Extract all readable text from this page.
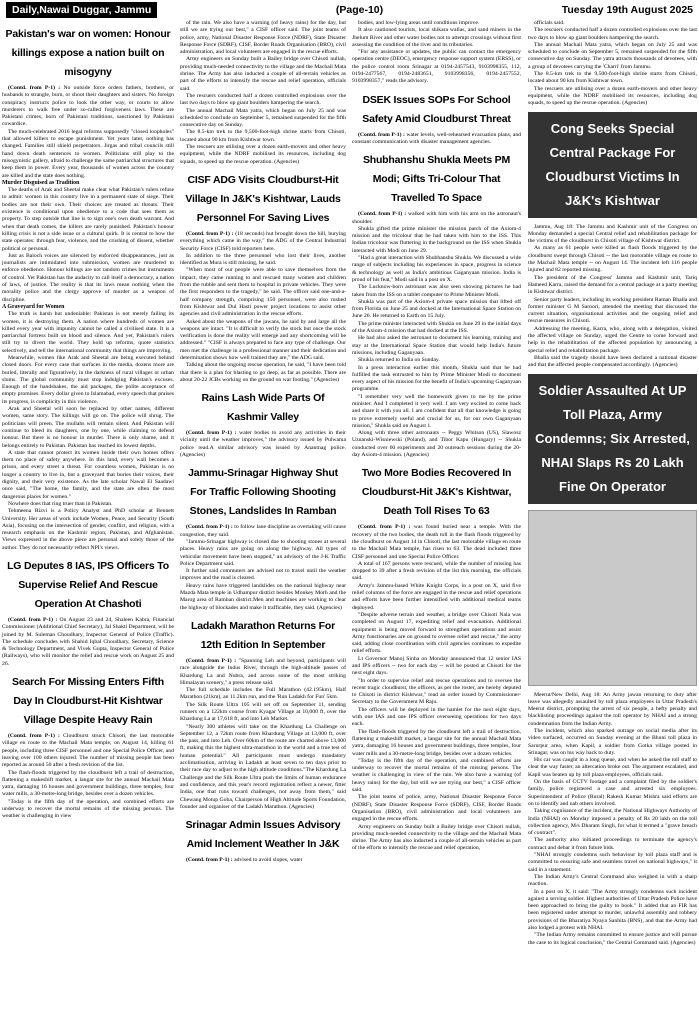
Daily,Nawai Duggar, Jammu	(Page-10)	Tuesday 19th August 2025
Pakistan's war on women: Honour killings expose a nation built on misogyny

(Contd. from P-1) : No outside force orders fathers, brothers, or husbands to strangle, burn, or shoot their daughters and sisters. No foreign conspiracy instructs police to look the other way, or courts to allow murderers to walk free under so-called forgiveness laws. These are Pakistani crimes, born of Pakistani traditions, sanctioned by Pakistani cowardice.

The much-celebrated 2016 legal reforms supposedly "closed loopholes" that allowed killers to escape punishment. Yet years later, nothing has changed. Families still shield perpetrators. Jirgas and tribal councils still hand down death sentences to women. Politicians still play to the misogynistic gallery, afraid to challenge the same patriarchal structures that keep them in power. Every year, thousands of women across the country are killed and the state does nothing.

Murder Disguised as Tradition

The deaths of Arak and Sheetal make clear what Pakistan's rulers refuse to admit: women in this country live in a permanent state of siege. Their bodies are not their own. Their choices are treated as threats. Their existence is conditional upon obedience to a code that sees them as property. To step outside that line is to sign one's own death warrant. And when that death comes, the killers are rarely punished. Pakistan's honour killing crisis is not a side issue or a cultural quirk. It is central to how the state operates: through fear, violence, and the crushing of dissent, whether political or personal.

Just as Baloch voices are silenced by enforced disappearances, just as journalists are intimidated into submission, women are murdered to enforce obedience. Honour killings are not random crimes but instruments of control. Yet Pakistan has the audacity to call itself a democracy, a nation of laws, of justice. The reality is that its laws mean nothing when the morality police and the clergy approve of murder as a weapon of discipline.

A Graveyard for Women

The truth is harsh but undeniable: Pakistan is not merely failing its women, it is destroying them. A nation where hundreds of women are killed every year with impunity cannot be called a civilised state. It is a patriarchal fortress built on blood and silence. And yet, Pakistan's rulers still try to divert the world. They hold up reforms, quote statistics selectively, and tell the international community that things are improving.

Meanwhile, women like Arak and Sheetal are being executed behind closed doors. For every case that surfaces in the media, dozens more are buried, literally and figuratively, in the darkness of rural villages or urban slums. The global community must stop indulging Pakistan's excuses. Enough of the handshakes, the aid packages, the polite acceptance of empty promises. Every dollar given to Islamabad, every speech that praises its progress, is complicity in this violence.

Arak and Sheetal will soon be replaced by other names, different women, same story. The killings will go on. The police will shrug. The politicians will preen. The mullahs will remain silent. And Pakistan will continue to bleed its daughters, one by one, while claiming to defend honour. But there is no honour in murder. There is only shame, and it belongs entirely to Pakistan. Pakistan has reached its lowest depths.

A state that cannot protect its women inside their own homes offers them no place of safety anywhere. In this land, every wall becomes a prison, and every street a threat. For countless women, Pakistan is no longer a country to live in, but a graveyard that buries their voices, their dignity, and their very existence. As the late scholar Nawal El Saadawi once said, "The home, the family, and the state are often the most dangerous places for women."

Nowhere does that ring truer than in Pakistan.

Tehmeena Rizvi is a Policy Analyst and PhD scholar at Bennett University. Her areas of work include Women, Peace, and Security (South Asia), focusing on the intersection of gender, conflict, and religion, with a research emphasis on the Kashmir region, Pakistan, and Afghanistan. Views expressed in the above piece are personal and solely those of the author. They do not necessarily reflect NPI's views.

LG Deputes 8 IAS, IPS Officers To Supervise Relief And Rescue Operation At Chashoti

(Contd. from P-1) : On August 23 and 24, Shaleen Kabra, Financial Commissioner (Additional Chief Secretary), Jal Shakti Department, will be joined by M. Suleman Choudhary, Inspector General of Police (Traffic). The schedule concludes with Shahid Iqbal Choudhary, Secretary, Science & Technology Department, and Vivek Gupta, Inspector General of Police (Railways), who will monitor the relief and rescue work on August 25 and 26.

Search For Missing Enters Fifth Day In Cloudburst-Hit Kishtwar Village Despite Heavy Rain

(Contd. from P-1) : Cloudburst struck Chisoti, the last motorable village en route to the Machail Mata temple, on August 14, killing 61 people, including three CISF personnel and one Special Police Officer, and leaving over 100 others injured. The number of missing people has been reported as around 50 after a fresh revision of the list.

The flash-floods triggered by the cloudburst left a trail of destruction, flattening a makeshift market, a langar site for the annual Machail Mata yatra, damaging 16 houses and government buildings, three temples, four water mills, a 30-metre-long bridge, besides over a dozen vehicles.

"Today is the fifth day of the operation, and combined efforts are underway to recover the mortal remains of the missing persons. The weather is challenging in view

of the rain. We also have a warning (of heavy rains) for the day, but still we are trying our best," a CISF officer said. The joint teams of police, army, National Disaster Response Force (NDRF), State Disaster Response Force (SDRF), CISF, Border Roads Organisation (BRO), civil administration, and local volunteers are engaged in the rescue efforts.

Army engineers on Sunday built a Bailey bridge over Chisoti nullah, providing much-needed connectivity to the village and the Machail Mata shrine. The Army has also inducted a couple of all-terrain vehicles as part of the efforts to intensify the rescue and relief operation, officials said.

The rescuers conducted half a dozen controlled explosions over the last two days to blow up giant boulders hampering the search.

The annual Machail Mata yatra, which began on July 25 and was scheduled to conclude on September 5, remained suspended for the fifth consecutive day on Sunday.

The 8.5-km trek to the 9,500-foot-high shrine starts from Chisoti, located about 90 km from Kishtwar town.

The rescuers are utilising over a dozen earth-movers and other heavy equipment, while the NDRF mobilised its resources, including dog squads, to speed up the rescue operation. (Agencies)

CISF ADG Visits Cloudburst-Hit Village In J&K's Kishtwar, Lauds Personnel For Saving Lives

(Contd. from P-1) : (18 seconds) hut brought down the hill, burying everything which came in the way," the ADG of the Central Industrial Security Force (CISF) told reporters here.

In addition to the three personnel who lost their lives, another identified as Mura is still missing, he said.

"When most of our people were able to save themselves from the impact, they came running to and rescued many women and children from the rubble and sent them to hospital in private vehicles. They were the first responders to the tragedy," he said. The officer said one-and-a-half company strength, comprising 150 personnel, were also rushed from Kishtwar and Dul Hasti power project locations to assist other agencies and civil administration in the rescue efforts.

Asked about the weapons of the jawans, he said by and large all the weapons are intact. "It is difficult to verify the stock but once the stock verification is done the reality will emerge and any shortcoming will be addressed." "CISF is always prepared to face any type of challenge. Our men met the challenge in a professional manner and their dedication and determination shows how well trained they are," the ADG said.

Talking about the ongoing rescue operation, he said, "I have been told that there is a plan for blasting to go deep, as far as possible. There are about 20-22 JCBs working on the ground on war footing." (Agencies)

Rains Lash Wide Parts Of Kashmir Valley

(Contd. from P-1) : water bodies to avoid any activities in their vicinity until the weather improves," the advisory issued by Pulwama police read.A similar advisory was issued by Anantnag police. (Agencies)

Jammu-Srinagar Highway Shut For Traffic Following Shooting Stones, Landslides In Ramban

(Contd. from P-1) : to follow lane discipline as overtaking will cause congestion, they said.

"Jammu-Srinagar highway is closed due to shooting stones at several places. Heavy rains are going on along the highway. All types of vehicular movement have been stopped," an advisory of the J-K Traffic Police Department said.

It further said commuters are advised not to travel until the weather improves and the road is cleared.

Heavy rains have triggered landslides on the national highway near Mazda Mata temple in Udhampur district besides Monkey Morh and the Marog area of Ramban district.Men and machines are working to clear the highway of blockades and make it trafficable, they said. (Agencies)

Ladakh Marathon Returns For 12th Edition In September

(Contd. from P-1) : "Spanning Leh and beyond, participants will race alongside the Indus River, through the high-altitude passes of Khardung La and Nubra, and across some of the most striking Himalayan scenery," a press release said.

The full schedule includes the Full Marathon (42.195km), Half Marathon (21km), an 11.2km run, and the 'Run Ladakh for Fun' 5km.

The Silk Route Ultra 105 will set off on September 11, sending runners on a 122km course from Kyagar Village at 10,000 ft, over the Khardung La at 17,618 ft, and into Leh Market.

"Nearly 300 athletes will take on the Khardung La Challenge on September 12, a 72km route from Khardung Village at 13,000 ft, over the pass, and into Leh. Over 60km of the route are charted above 13,000 ft, making this the highest ultra-marathon in the world and a true test of human potential." All participants must undergo mandatory acclimatisation, arriving in Ladakh at least seven to ten days prior to their race day to adjust to the high altitude conditions."The Khardung La Challenge and the Silk Route Ultra push the limits of human endurance and confidence, and this year's record registration reflect a newer, fitter India, one that runs toward challenges, not away from them," said Chewang Motup Goba, Chairperson of High Altitude Sports Foundation, founder and organiser of the Ladakh Marathon. (Agencies)

Srinagar Admin Issues Advisory Amid Inclement Weather In J&K

(Contd. from P-1) : advised to avoid slopes, water

bodies, and low-lying areas until conditions improve.

It also cautioned tourists, local shikara wallas, and sand miners in the Jhelum River and other water bodies not to attempt crossings without first assessing the condition of the river and its tributaries.

"For any assistance or updates, the public can contact the emergency operation centre (DEOC), emergency response support system (ERSS), or the police control room Srinagar at 0194-2457543, 9103998355, 112, 0194-2477567, 0194-2483651, 9103998356, 0194-2457552, 9103998357," reads the advisory.

DSEK Issues SOPs For School Safety Amid Cloudburst Threat

(Contd. from P-1) : water levels, well-rehearsed evacuation plans, and constant communication with disaster management agencies.

Shubhanshu Shukla Meets PM Modi; Gifts Tri-Colour That Travelled To Space

(Contd. from P-1) : walked with him with his arm on the astronaut's shoulder.

Shukla gifted the prime minister the mission patch of the Axiom-4 mission and the tricolour that he had taken with him to the ISS. This Indian tricolour was fluttering in the background on the ISS when Shukla interacted with Modi on June 29.

"Had a great interaction with Shubhanshu Shukla. We discussed a wide range of subjects including his experiences in space, progress in science & technology as well as India's ambitious Gaganyaan mission. India is proud of his feat," Modi said in a post on X.

The Lucknow-born astronaut was also seen showing pictures he had taken from the ISS on a tablet computer to Prime Minister Modi.

Shukla was part of the Axiom-4 private space mission that lifted off from Florida on June 25 and docked at the International Space Station on June 26. He returned to Earth on 15 July.

The prime minister interacted with Shukla on June 29 in the initial days of the Axiom-4 mission that had docked at the ISS.

He had also asked the astronaut to document his learning, training and stay at the International Space Station that would help India's future missions, including Gaganyaan.

Shukla returned to India on Sunday.

In a press interaction earlier this month, Shukla said that he had fulfilled the task entrusted to him by Prime Minister Modi to document every aspect of his mission for the benefit of India's upcoming Gaganyaan programme.

"I remember very well the homework given to me by the prime minister. And I completed it very well. I am very excited to come back and share it with you all. I am confident that all that knowledge is going to prove extremely useful and crucial for us, for our own Gaganyaan mission," Shukla said on August 1.

Along with three other astronauts -- Peggy Whitson (US), Slawosz Uznanski-Wisniewski (Poland), and Tibor Kapu (Hungary) -- Shukla conducted over 60 experiments and 20 outreach sessions during the 20-day Axiom-4 mission. (Agencies)

Two More Bodies Recovered In Cloudburst-Hit J&K's Kishtwar, Death Toll Rises To 63

(Contd. from P-1) : was found buried near a temple. With the recovery of the two bodies, the death toll in the flash floods triggered by the cloudburst on August 14 in Chisoti, the last motorable village en route to the Machail Mata temple, has risen to 63. The dead included three CISF personnel and one Special Police Officer.

A total of 167 persons were rescued, while the number of missing has dropped to 39 after a fresh revision of the list this morning, the officials said.

Army's Jammu-based White Knight Corps, in a post on X, said five relief columns of the force are engaged in the rescue and relief operations and efforts have been further intensified with additional medical teams deployed.

"Despite adverse terrain and weather, a bridge over Chisoti Nala was completed on August 17, expediting relief and evacuation. Additional equipment is being moved forward to strengthen operations and assist Army functionaries are on ground to oversee relief and rescue," the army said, adding close coordination with civil agencies continues to expedite relief efforts.

Lt Governor Manoj Sinha on Monday announced that 12 senior IAS and IPS officers -- two for each day -- will be posted at Chisoti for the next eight days.

"In order to supervise relief and rescue operations and to oversee the recent tragic cloudburst, the officers, as per the roster, are hereby deputed to Chisoti in district Kishtwar," read an order issued by Commissioner-Secretary to the Government M Raju.

The officers will be deployed in the hamlet for the next eight days, with one IAS and one IPS officer overseeing operations for two days each.

The flash-floods triggered by the cloudburst left a trail of destruction, flattening a makeshift market, a langar site for the annual Machail Mata yatra, damaging 16 houses and government buildings, three temples, four water mills and a 30-metre-long bridge, besides over a dozen vehicles.

"Today is the fifth day of the operation, and combined efforts are underway to recover the mortal remains of the missing persons. The weather is challenging in view of the rain. We also have a warning (of heavy rains) for the day, but still we are trying our best," a CISF officer said.

The joint teams of police, army, National Disaster Response Force (NDRF), State Disaster Response Force (SDRF), CISF, Border Roads Organisation (BRO), civil administration and local volunteers are engaged in the rescue efforts.

Army engineers on Sunday built a Bailey bridge over Chisoti nullah, providing much-needed connectivity to the village and the Machail Mata shrine. The Army has also inducted a couple of all-terrain vehicles as part of the efforts to intensify the rescue and relief operation,

officials said.

The rescuers conducted half a dozen controlled explosions over the last two days to blow up giant boulders hampering the search.

The annual Machail Mata yatra, which began on July 25 and was scheduled to conclude on September 5, remained suspended for the fifth consecutive day on Sunday. The yatra attracts thousands of devotees, with a group of devotees carrying the 'Charri' from Jammu.

The 8.5-km trek to the 9,500-foot-high shrine starts from Chisoti, located about 90 km from Kishtwar town.

The rescuers are utilising over a dozen earth-movers and other heavy equipment, while the NDRF mobilised its resources, including dog squads, to speed up the rescue operation. (Agencies)

Cong Seeks Special Central Package For Cloudburst Victims In J&K's Kishtwar

Jammu, Aug 18: The Jammu and Kashmir unit of the Congress on Monday demanded a special Central relief and rehabilitation package for the victims of the cloudburst in Chisoti village of Kishtwar district.

As many as 61 people were killed as flash floods triggered by the cloudburst swept through Chisoti -- the last motorable village en route to the Machail Mata temple -- on August 14. The incident left 116 people injured and 82 reported missing.

The president of the Congress' Jammu and Kashmir unit, Tariq Hameed Karra, raised the demand for a central package at a party meeting in Kishtwar district.

Senior party leaders, including its working president Raman Bhalla and former minister G M Saroori, attended the meeting that discussed the current situation, organisational activities and the ongoing relief and rescue measures in Chisoti.

Addressing the meeting, Karra, who, along with a delegation, visited the affected village on Sunday, urged the Centre to come forward and help in the rehabilitation of the affected population by announcing a special relief and rehabilitation package.

Bhalla said the tragedy should have been declared a national disaster and that the affected people compensated accordingly. (Agencies)

Soldier Assaulted At UP Toll Plaza, Army Condemns; Six Arrested, NHAI Slaps Rs 20 Lakh Fine On Operator

Meerut/New Delhi, Aug 18: An Army jawan returning to duty after leave was allegedly assaulted by toll plaza employees in Uttar Pradesh's Meerut district, prompting the arrest of six people, a hefty penalty and blacklisting proceedings against the toll operator by NHAI and a strong condemnation from the Indian Army.

The incident, which also sparked outrage on social media after its video surfaced, occurred on Sunday evening at the Bhuni toll plaza in Sarurpur area, when Kapil, a soldier from Gotka village posted in Srinagar, was on his way back to duty.

His car was caught in a long queue, and when he asked the toll staff to clear the way faster, an altercation broke out. The argument escalated, and Kapil was beaten up by toll plaza employees, officials said.

On the basis of CCTV footage and a complaint filed by the soldier's family, police registered a case and arrested six employees. Superintendent of Police (Rural) Rakesh Kumar Mishra said efforts are on to identify and nab others involved.

Taking cognisance of the incident, the National Highways Authority of India (NHAI) on Monday imposed a penalty of Rs 20 lakh on the toll collection agency, M/s Dharam Singh, for what it termed a "grave breach of contract".

The authority also initiated proceedings to terminate the agency's contract and debar it from future bids.

"NHAI strongly condemns such behaviour by toll plaza staff and is committed to ensuring safe and seamless travel on national highways," it said in a statement.

The Indian Army's Central Command also weighed in with a sharp reaction.

In a post on X, it said: "The Army strongly condemns such incident against a serving soldier. Highest authorities of Uttar Pradesh Police have been approached to bring the guilty to book." It added that an FIR has been registered under attempt to murder, unlawful assembly and robbery provisions of the Bharatiya Nyaya Sanhita (BNS), and that the Army had also lodged a protest with NHAI.

"The Indian Army remains committed to ensure justice and will pursue the case to its logical conclusion," the Central Command said. (Agencies)
